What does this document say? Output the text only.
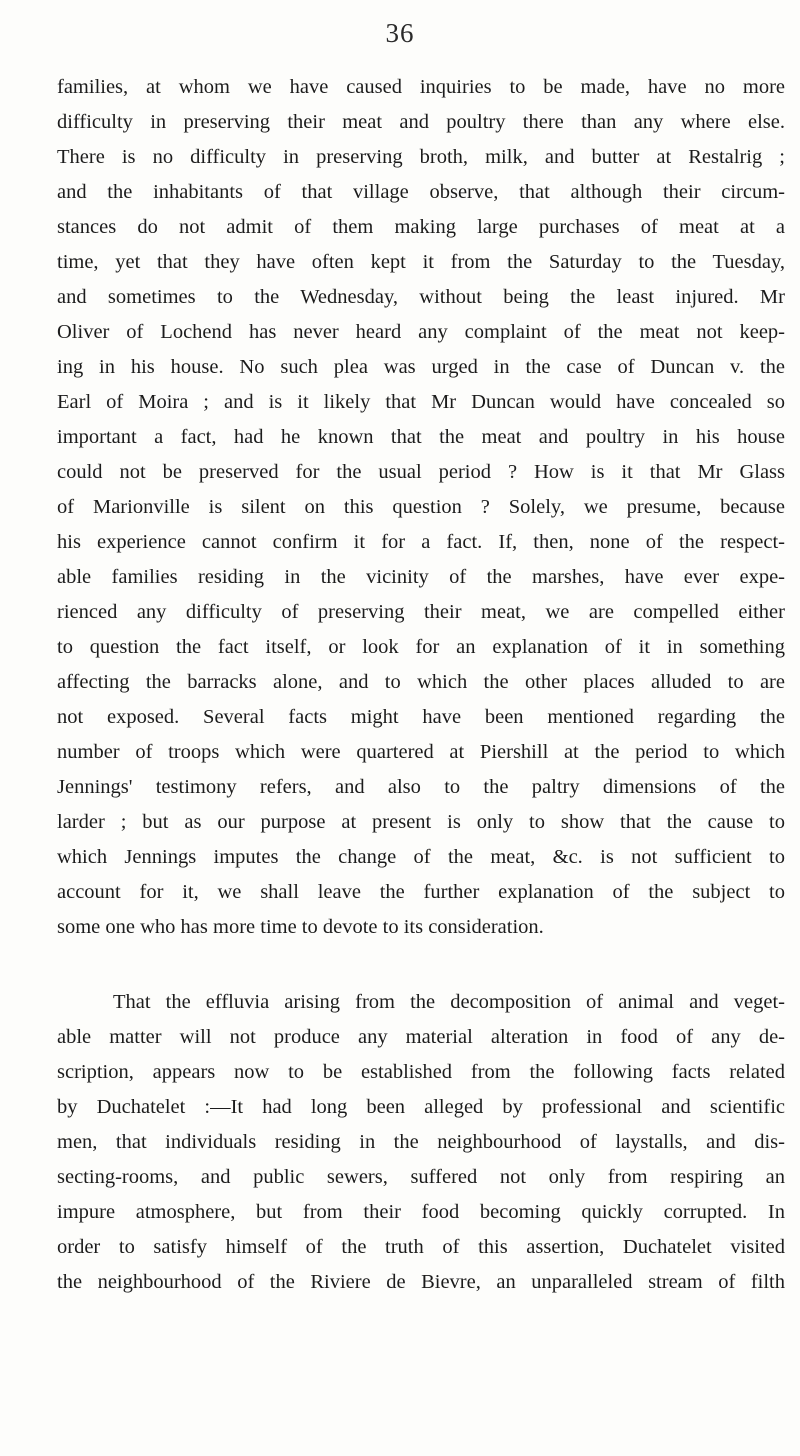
36
families, at whom we have caused inquiries to be made, have no more
difficulty in preserving their meat and poultry there than any where else.
There is no difficulty in preserving broth, milk, and butter at Restalrig ;
and the inhabitants of that village observe, that although their circum-
stances do not admit of them making large purchases of meat at a
time, yet that they have often kept it from the Saturday to the Tuesday,
and sometimes to the Wednesday, without being the least injured. Mr
Oliver of Lochend has never heard any complaint of the meat not keep-
ing in his house. No such plea was urged in the case of Duncan v. the
Earl of Moira ; and is it likely that Mr Duncan would have concealed so
important a fact, had he known that the meat and poultry in his house
could not be preserved for the usual period ? How is it that Mr Glass
of Marionville is silent on this question ? Solely, we presume, because
his experience cannot confirm it for a fact. If, then, none of the respect-
able families residing in the vicinity of the marshes, have ever expe-
rienced any difficulty of preserving their meat, we are compelled either
to question the fact itself, or look for an explanation of it in something
affecting the barracks alone, and to which the other places alluded to are
not exposed. Several facts might have been mentioned regarding the
number of troops which were quartered at Piershill at the period to which
Jennings' testimony refers, and also to the paltry dimensions of the
larder ; but as our purpose at present is only to show that the cause to
which Jennings imputes the change of the meat, &c. is not sufficient to
account for it, we shall leave the further explanation of the subject to
some one who has more time to devote to its consideration.
That the effluvia arising from the decomposition of animal and veget-
able matter will not produce any material alteration in food of any de-
scription, appears now to be established from the following facts related
by Duchatelet :—It had long been alleged by professional and scientific
men, that individuals residing in the neighbourhood of laystalls, and dis-
secting-rooms, and public sewers, suffered not only from respiring an
impure atmosphere, but from their food becoming quickly corrupted. In
order to satisfy himself of the truth of this assertion, Duchatelet visited
the neighbourhood of the Riviere de Bievre, an unparalleled stream of filth
